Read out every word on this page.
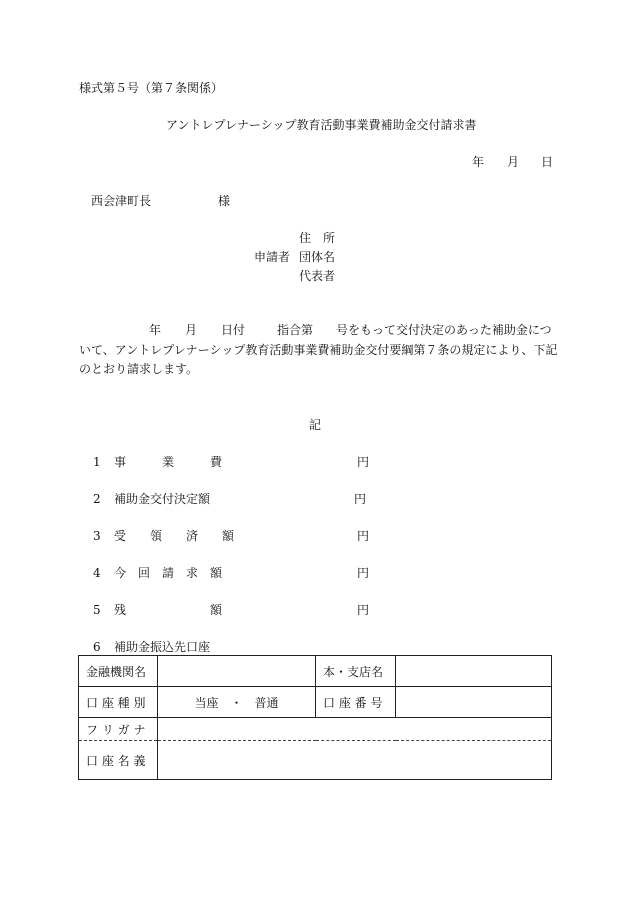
様式第５号（第７条関係）
アントレプレナーシップ教育活動事業費補助金交付請求書
年 月 日
西会津町長	様
住　所
申請者 団体名
代表者
年 月 日付	指合第 号をもって交付決定のあった補助金につ
いて、アントレプレナーシップ教育活動事業費補助金交付要綱第７条の規定により、下記
のとおり請求します。
記
1 事　　　業　　　費	円
2 補助金交付決定額	円
3 受　　領　　済　　額	円
4 今　回　請　求　額	円
5 残　　　　　　　額	円
6 補助金振込先口座
金融機関名		本・支店名	
口 座 種 別	当座　・　普通	口 座 番 号	
フ リ ガ ナ			
口 座 名 義			
